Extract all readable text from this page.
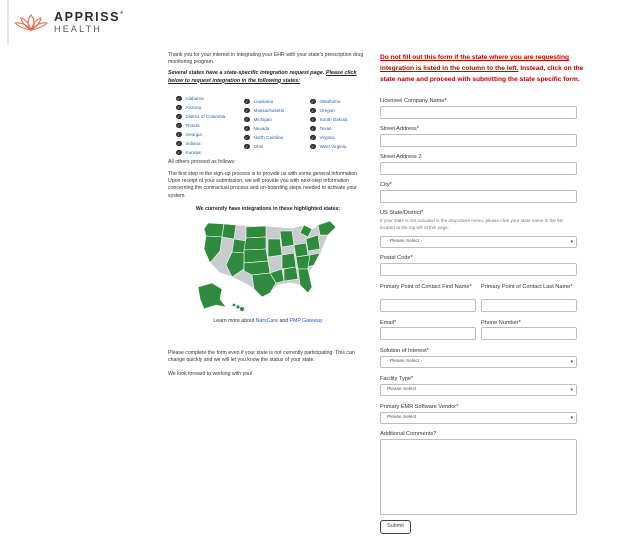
APPRISS®
HEALTH

Thank you for your interest in integrating your EHR with your state's prescription drug monitoring program.

Several states have a state-specific integration request page. Please click below to request integration in the following states:

✓ Alabama
✓ Arizona
✓ District of Columbia
✓ Florida
✓ Georgia
✓ Indiana
✓ Kansas
✓ Louisiana
✓ Massachusetts
✓ Michigan
✓ Nevada
✓ North Carolina
✓ Ohio
✓ Oklahoma
✓ Oregon
✓ South Dakota
✓ Texas
✓ Virginia
✓ West Virginia

All others proceed as follows:

The first step in the sign-up process is to provide us with some general information. Upon receipt of your submission, we will provide you with next-step information concerning the contractual process and on-boarding steps needed to activate your system.

We currently have integrations in these highlighted states:

Learn more about NarxCare and PMP Gateway

Please complete the form even if your state is not currently participating. This can change quickly and we will let you know the status of your state.

We look forward to working with you!

Do not fill out this form if the state where you are requesting integration is listed in the column to the left. Instead, click on the state name and proceed with submitting the state specific form.
Licensee Company Name*
Street Address*
Street Address 2
City*
US State/District*
If your state is not included in the drop-down menu, please click your state name in the list located at the top left of this page.
- Please Select -	▾
Postal Code*
Primary Point of Contact First Name* Primary Point of Contact Last Name*
Email*	Phone Number*
Solution of Interest*
- Please Select -	▾
Facility Type*
Please Select	▾
Primary EMR Software Vendor*
Please Select	▾
Additional Comments?
Submit
